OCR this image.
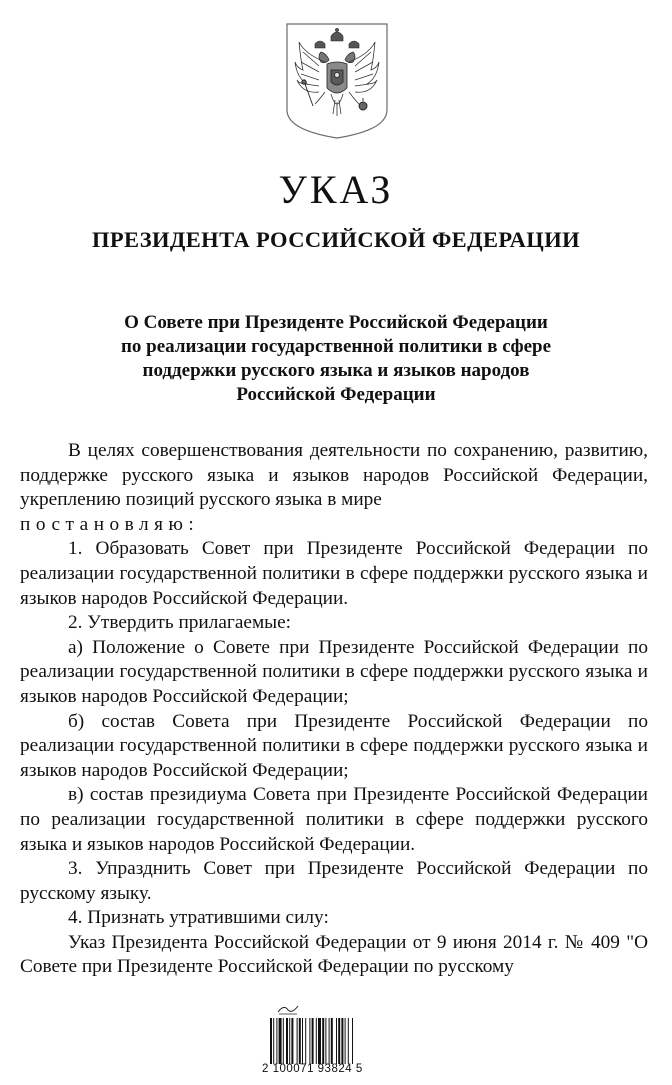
УКАЗ
ПРЕЗИДЕНТА РОССИЙСКОЙ ФЕДЕРАЦИИ
О Совете при Президенте Российской Федерации
по реализации государственной политики в сфере
поддержки русского языка и языков народов
Российской Федерации

В целях совершенствования деятельности по сохранению, развитию, поддержке русского языка и языков народов Российской Федерации, укреплению позиций русского языка в мире
постановляю:

1. Образовать Совет при Президенте Российской Федерации по реализации государственной политики в сфере поддержки русского языка и языков народов Российской Федерации.

2. Утвердить прилагаемые:

а) Положение о Совете при Президенте Российской Федерации по реализации государственной политики в сфере поддержки русского языка и языков народов Российской Федерации;

б) состав Совета при Президенте Российской Федерации по реализации государственной политики в сфере поддержки русского языка и языков народов Российской Федерации;

в) состав президиума Совета при Президенте Российской Федерации по реализации государственной политики в сфере поддержки русского языка и языков народов Российской Федерации.

3. Упразднить Совет при Президенте Российской Федерации по русскому языку.

4. Признать утратившими силу:

Указ Президента Российской Федерации от 9 июня 2014 г. № 409 "О Совете при Президенте Российской Федерации по русскому

2 100071 93824 5
